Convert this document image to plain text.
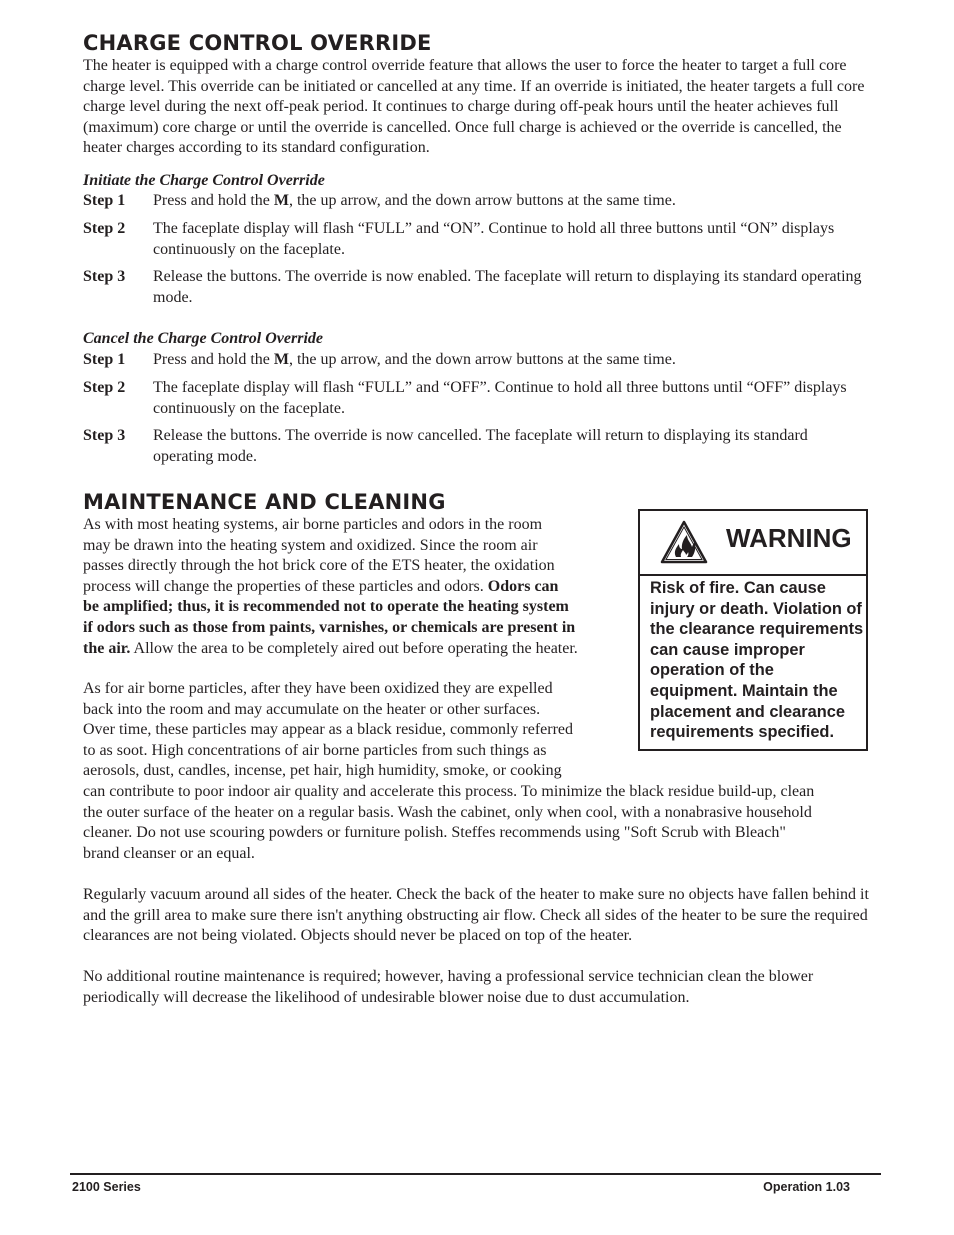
CHARGE CONTROL OVERRIDE

The heater is equipped with a charge control override feature that allows the user to force the heater to target a full core charge level. This override can be initiated or cancelled at any time. If an override is initiated, the heater targets a full core charge level during the next off-peak period. It continues to charge during off-peak hours until the heater achieves full (maximum) core charge or until the override is cancelled. Once full charge is achieved or the override is cancelled, the heater charges according to its standard configuration.

Initiate the Charge Control Override

Step 1 Press and hold the M, the up arrow, and the down arrow buttons at the same time.
Step 2 The faceplate display will flash “FULL” and “ON”. Continue to hold all three buttons until “ON” displays continuously on the faceplate.
Step 3 Release the buttons. The override is now enabled. The faceplate will return to displaying its standard operating mode.

Cancel the Charge Control Override

Step 1 Press and hold the M, the up arrow, and the down arrow buttons at the same time.
Step 2 The faceplate display will flash “FULL” and “OFF”. Continue to hold all three buttons until “OFF” displays continuously on the faceplate.
Step 3 Release the buttons. The override is now cancelled. The faceplate will return to displaying its standard operating mode.
MAINTENANCE AND CLEANING
As with most heating systems, air borne particles and odors in the room
may be drawn into the heating system and oxidized. Since the room air
passes directly through the hot brick core of the ETS heater, the oxidation
process will change the properties of these particles and odors. Odors can
be amplified; thus, it is recommended not to operate the heating system
if odors such as those from paints, varnishes, or chemicals are present in
the air. Allow the area to be completely aired out before operating the heater.
As for air borne particles, after they have been oxidized they are expelled
back into the room and may accumulate on the heater or other surfaces.
Over time, these particles may appear as a black residue, commonly referred
to as soot. High concentrations of air borne particles from such things as
aerosols, dust, candles, incense, pet hair, high humidity, smoke, or cooking
can contribute to poor indoor air quality and accelerate this process. To minimize the black residue build-up, clean
the outer surface of the heater on a regular basis. Wash the cabinet, only when cool, with a nonabrasive household
cleaner. Do not use scouring powders or furniture polish. Steffes recommends using "Soft Scrub with Bleach"
brand cleanser or an equal.

Regularly vacuum around all sides of the heater. Check the back of the heater to make sure no objects have fallen behind it and the grill area to make sure there isn't anything obstructing air flow. Check all sides of the heater to be sure the required clearances are not being violated. Objects should never be placed on top of the heater.

No additional routine maintenance is required; however, having a professional service technician clean the blower periodically will decrease the likelihood of undesirable blower noise due to dust accumulation.

WARNING

Risk of fire. Can cause injury or death. Violation of the clearance requirements can cause improper operation of the equipment. Maintain the placement and clearance requirements specified.

2100 Series	Operation 1.03
